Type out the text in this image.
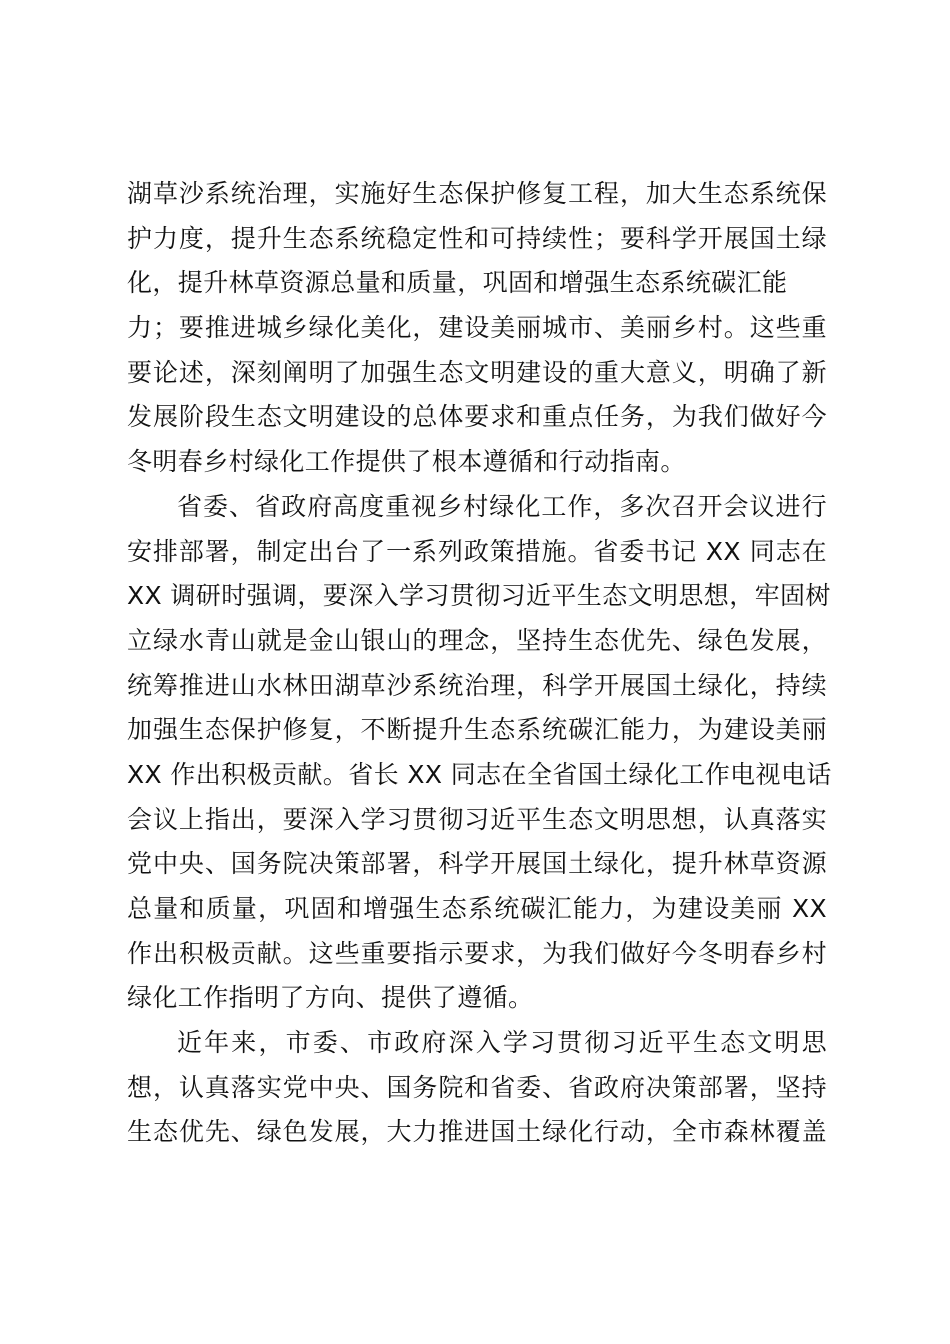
湖草沙系统治理，实施好生态保护修复工程，加大生态系统保
护力度，提升生态系统稳定性和可持续性；要科学开展国土绿
化，提升林草资源总量和质量，巩固和增强生态系统碳汇能
力；要推进城乡绿化美化，建设美丽城市、美丽乡村。这些重
要论述，深刻阐明了加强生态文明建设的重大意义，明确了新
发展阶段生态文明建设的总体要求和重点任务，为我们做好今
冬明春乡村绿化工作提供了根本遵循和行动指南。
省委、省政府高度重视乡村绿化工作，多次召开会议进行
安排部署，制定出台了一系列政策措施。省委书记 XX 同志在
XX 调研时强调，要深入学习贯彻习近平生态文明思想，牢固树
立绿水青山就是金山银山的理念，坚持生态优先、绿色发展，
统筹推进山水林田湖草沙系统治理，科学开展国土绿化，持续
加强生态保护修复，不断提升生态系统碳汇能力，为建设美丽
XX 作出积极贡献。省长 XX 同志在全省国土绿化工作电视电话
会议上指出，要深入学习贯彻习近平生态文明思想，认真落实
党中央、国务院决策部署，科学开展国土绿化，提升林草资源
总量和质量，巩固和增强生态系统碳汇能力，为建设美丽 XX
作出积极贡献。这些重要指示要求，为我们做好今冬明春乡村
绿化工作指明了方向、提供了遵循。
近年来，市委、市政府深入学习贯彻习近平生态文明思
想，认真落实党中央、国务院和省委、省政府决策部署，坚持
生态优先、绿色发展，大力推进国土绿化行动，全市森林覆盖
